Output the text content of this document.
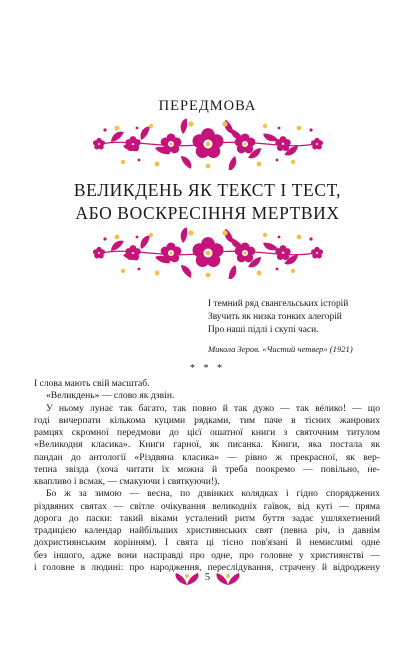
ПЕРЕДМОВА
ВЕЛИКДЕНЬ ЯК ТЕКСТ І ТЕСТ,
АБО ВОСКРЕСІННЯ МЕРТВИХ
І темний ряд євангельських історій
Звучить як низка тонких алегорій
Про наші підлі і скупі часи.
Микола Зеров. «Чистий четвер» (1921)
* * *
І слова мають свій масштаб.
«Великдень» — слово як дзвін.
У ньому лунає так багато, так повно й так дужо — так вéлико! — що
годі вичерпати кількома куцими рядками, тим паче в тісних жанрових
рамцях скромної передмови до цієї ошатної книги з святочним титулом
«Великодня класика». Книги гарної, як писанка. Книги, яка постала як
пандан до антології «Різдвяна класика» — рівно ж прекрасної, як вер-
тепна звізда (хоча читати їх можна й треба поокремо — повільно, не-
квапливо і всмак, — смакуючи і святкуючи!).
Бо ж за зимою — весна, по дзвінких колядках і гідно споряджених
різдвяних святах — світле очікування великодніх гаївок, від куті — пряма
дорога до паски: такий віками усталений ритм буття задає ушляхетнений
традицією календар найбільших християнських свят (певна річ, із давнім
дохристиянським корінням). І свята ці тісно пов'язані й немислимі одне
без іншого, адже вони насправді про одне, про головне у християнстві —
і головне в людині: про народження, переслідування, страчену й відроджену
5
